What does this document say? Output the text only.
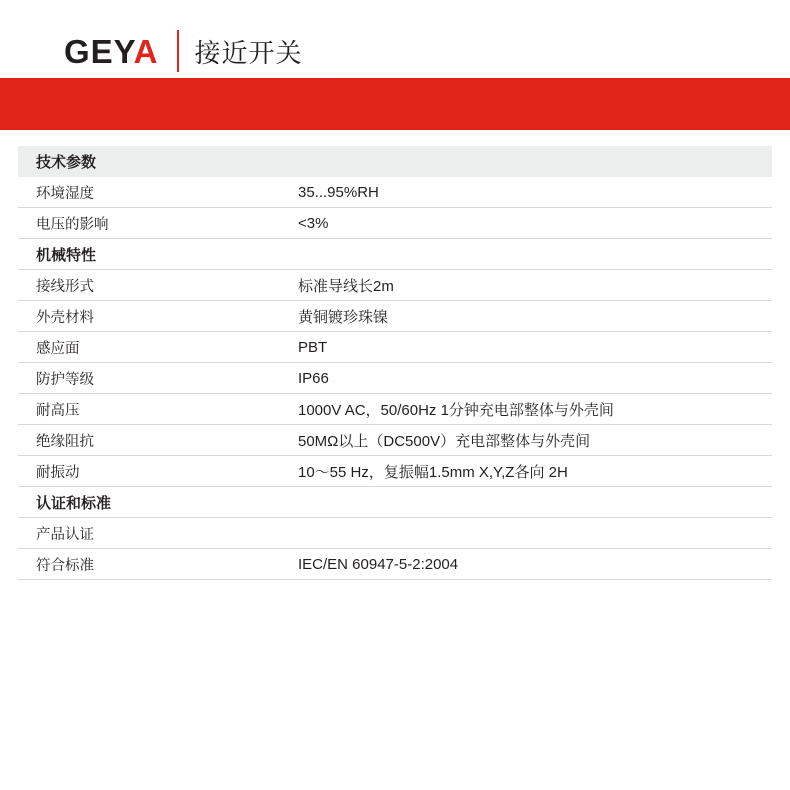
GEYA 接近开关
技术参数	
环境湿度	35...95%RH

电压的影响	<3%

机械特性	

接线形式	标准导线长2m

外壳材料	黄铜镀珍珠镍

感应面	PBT

防护等级	IP66

耐高压	1000V AC，50/60Hz 1分钟充电部整体与外壳间

绝缘阻抗	50MΩ以上（DC500V）充电部整体与外壳间

耐振动	10～55 Hz，复振幅1.5mm X,Y,Z各向 2H

认证和标准	

产品认证	

符合标准	IEC/EN 60947-5-2:2004
